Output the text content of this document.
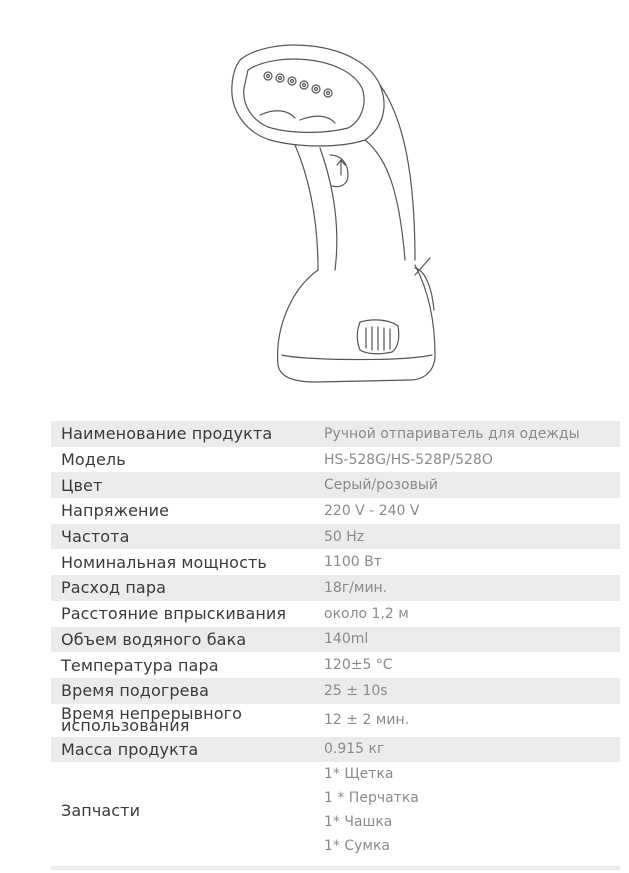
Наименование продукта	Ручной отпариватель для одежды
Модель	HS-528G/HS-528P/528O
Цвет	Серый/розовый
Напряжение	220 V - 240 V
Частота	50 Hz
Номинальная мощность	1100 Вт
Расход пара	18г/мин.
Расстояние впрыскивания	около 1,2 м
Объем водяного бака	140ml
Температура пара	120±5 °C
Время подогрева	25 ± 10s
Время непрерывного использования	12 ± 2 мин.
Масса продукта	0.915 кг
Запчасти	1* Щетка
1 * Перчатка
1* Чашка
1* Сумка
